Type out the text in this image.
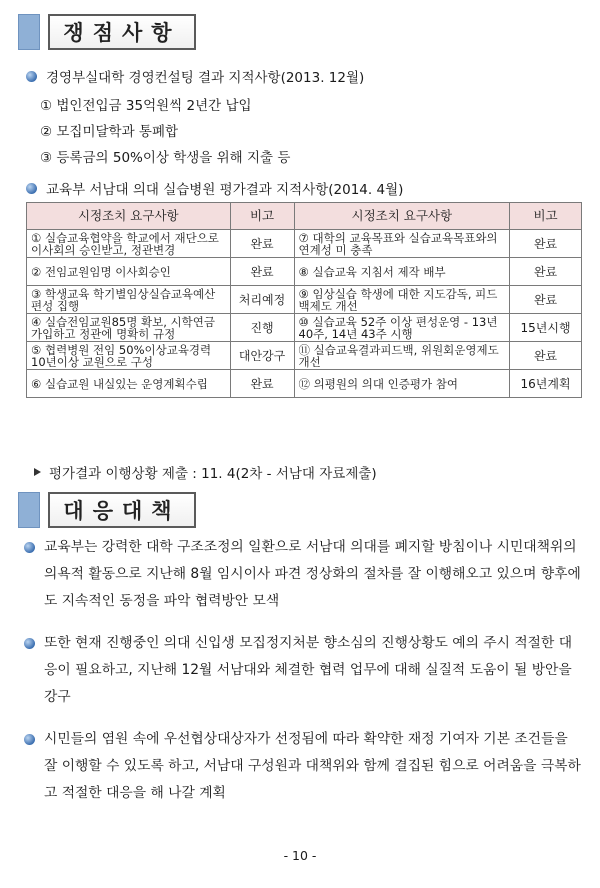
쟁점사항
경영부실대학 경영컨설팅 결과 지적사항(2013. 12월)
① 법인전입금 35억원씩 2년간 납입
② 모집미달학과 통폐합
③ 등록금의 50%이상 학생을 위해 지출 등
교육부 서남대 의대 실습병원 평가결과 지적사항(2014. 4월)
시정조치 요구사항	비고	시정조치 요구사항	비고
① 실습교육협약을 학교에서 재단으로이사회의 승인받고, 정관변경	완료	⑦ 대학의 교육목표와 실습교육목표와의 연계성 미 충족	완료
② 전임교원임명 이사회승인	완료	⑧ 실습교육 지침서 제작 배부	완료
③ 학생교육 학기별임상실습교육예산편성 집행	처리예정	⑨ 임상실습 학생에 대한 지도감독, 피드백제도 개선	완료
④ 실습전임교원85명 확보, 시학연금가입하고 정관에 명확히 규정	진행	⑩ 실습교육 52주 이상 편성운영 - 13년40주, 14년 43주 시행	15년시행
⑤ 협력병원 전임 50%이상교육경력10년이상 교원으로 구성	대안강구	⑪ 실습교육결과피드백, 위원회운영제도 개선	완료
⑥ 실습교원 내실있는 운영계획수립	완료	⑫ 의평원의 의대 인증평가 참여	16년계획
평가결과 이행상황 제출 : 11. 4(2차 - 서남대 자료제출)
대응대책
교육부는 강력한 대학 구조조정의 일환으로 서남대 의대를 폐지할 방침이나 시민대책위의 의욕적 활동으로 지난해 8월 임시이사 파견 정상화의 절차를 잘 이행해오고 있으며 향후에도 지속적인 동정을 파악 협력방안 모색
또한 현재 진행중인 의대 신입생 모집정지처분 향소심의 진행상황도 예의 주시 적절한 대응이 필요하고, 지난해 12월 서남대와 체결한 협력 업무에 대해 실질적 도움이 될 방안을 강구
시민들의 염원 속에 우선협상대상자가 선정됨에 따라 확약한 재정 기여자 기본 조건들을 잘 이행할 수 있도록 하고, 서남대 구성원과 대책위와 함께 결집된 힘으로 어려움을 극복하고 적절한 대응을 해 나갈 계획
- 10 -
